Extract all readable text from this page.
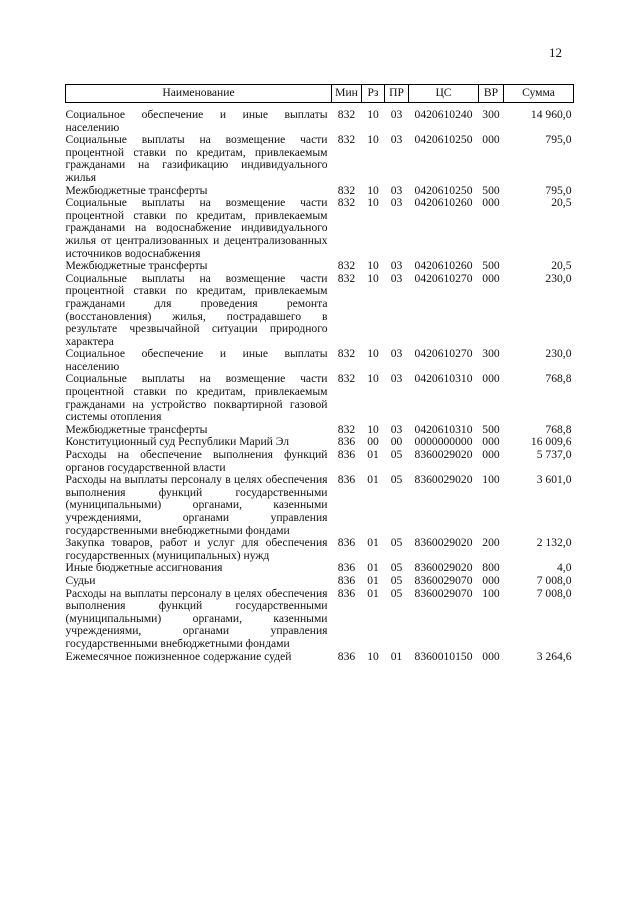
12
Наименование	Мин	Рз	ПР	ЦС	ВР	Сумма
Социальное обеспечение и иные выплаты населению	832	10	03	0420610240	300	14 960,0
Социальные выплаты на возмещение части процентной ставки по кредитам, привлекаемым гражданами на газификацию индивидуального жилья	832	10	03	0420610250	000	795,0
Межбюджетные трансферты	832	10	03	0420610250	500	795,0
Социальные выплаты на возмещение части процентной ставки по кредитам, привлекаемым гражданами на водоснабжение индивидуального жилья от централизованных и децентрализованных источников водоснабжения	832	10	03	0420610260	000	20,5
Межбюджетные трансферты	832	10	03	0420610260	500	20,5
Социальные выплаты на возмещение части процентной ставки по кредитам, привлекаемым гражданами для проведения ремонта (восстановления) жилья, пострадавшего в результате чрезвычайной ситуации природного характера	832	10	03	0420610270	000	230,0
Социальное обеспечение и иные выплаты населению	832	10	03	0420610270	300	230,0
Социальные выплаты на возмещение части процентной ставки по кредитам, привлекаемым гражданами на устройство поквартирной газовой системы отопления	832	10	03	0420610310	000	768,8
Межбюджетные трансферты	832	10	03	0420610310	500	768,8
Конституционный суд Республики Марий Эл	836	00	00	0000000000	000	16 009,6
Расходы на обеспечение выполнения функций органов государственной власти	836	01	05	8360029020	000	5 737,0
Расходы на выплаты персоналу в целях обеспечения выполнения функций государственными (муниципальными) органами, казенными учреждениями, органами управления государственными внебюджетными фондами	836	01	05	8360029020	100	3 601,0
Закупка товаров, работ и услуг для обеспечения государственных (муниципальных) нужд	836	01	05	8360029020	200	2 132,0
Иные бюджетные ассигнования	836	01	05	8360029020	800	4,0
Судьи	836	01	05	8360029070	000	7 008,0
Расходы на выплаты персоналу в целях обеспечения выполнения функций государственными (муниципальными) органами, казенными учреждениями, органами управления государственными внебюджетными фондами	836	01	05	8360029070	100	7 008,0
Ежемесячное пожизненное содержание судей	836	10	01	8360010150	000	3 264,6
